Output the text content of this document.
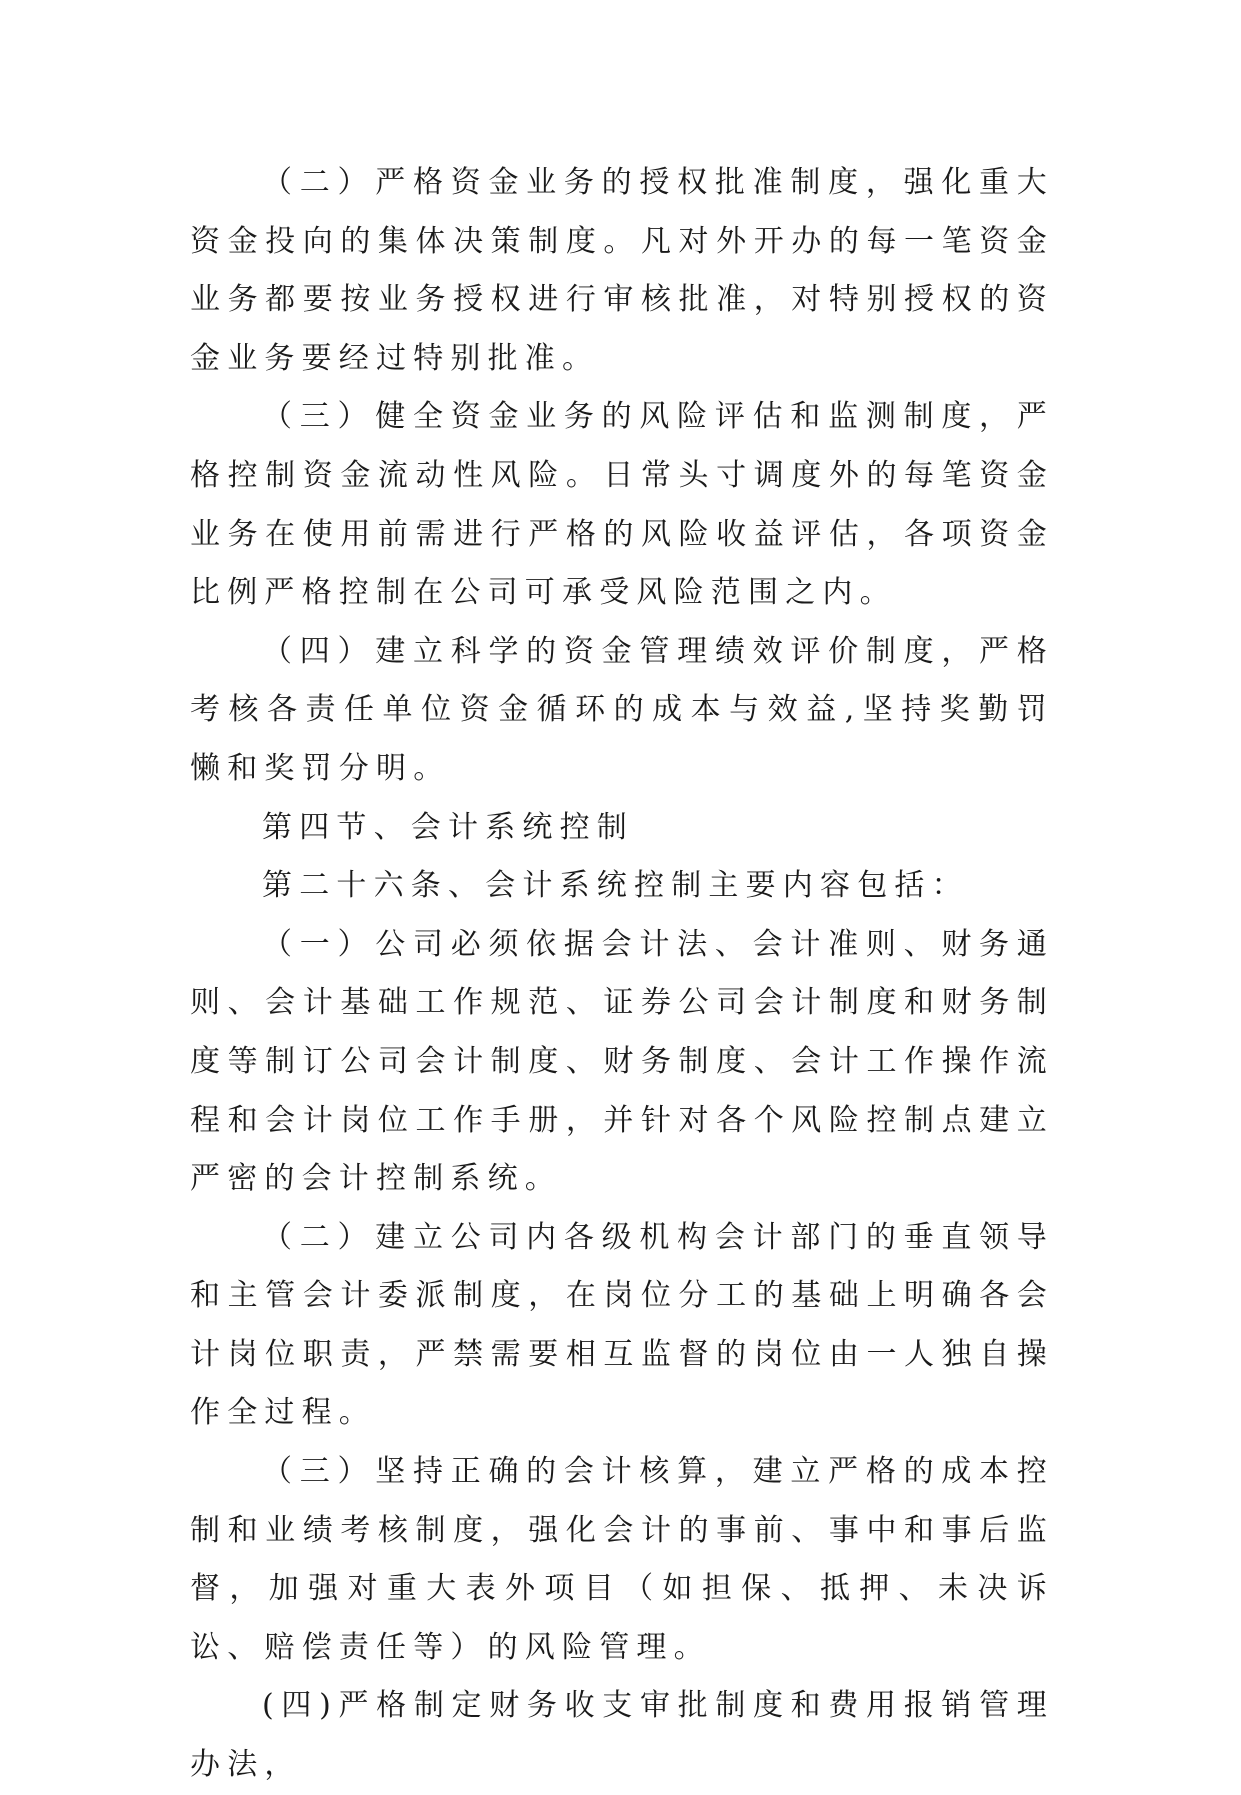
（二）严格资金业务的授权批准制度，强化重大资金投向的集体决策制度。凡对外开办的每一笔资金业务都要按业务授权进行审核批准，对特别授权的资金业务要经过特别批准。

（三）健全资金业务的风险评估和监测制度，严格控制资金流动性风险。日常头寸调度外的每笔资金业务在使用前需进行严格的风险收益评估，各项资金比例严格控制在公司可承受风险范围之内。

（四）建立科学的资金管理绩效评价制度，严格考核各责任单位资金循环的成本与效益,坚持奖勤罚懒和奖罚分明。

第四节、会计系统控制

第二十六条、会计系统控制主要内容包括：

（一）公司必须依据会计法、会计准则、财务通则、会计基础工作规范、证券公司会计制度和财务制度等制订公司会计制度、财务制度、会计工作操作流程和会计岗位工作手册，并针对各个风险控制点建立严密的会计控制系统。

（二）建立公司内各级机构会计部门的垂直领导和主管会计委派制度，在岗位分工的基础上明确各会计岗位职责，严禁需要相互监督的岗位由一人独自操作全过程。

（三）坚持正确的会计核算，建立严格的成本控制和业绩考核制度，强化会计的事前、事中和事后监督，加强对重大表外项目（如担保、抵押、未决诉讼、赔偿责任等）的风险管理。

(四)严格制定财务收支审批制度和费用报销管理办法，
